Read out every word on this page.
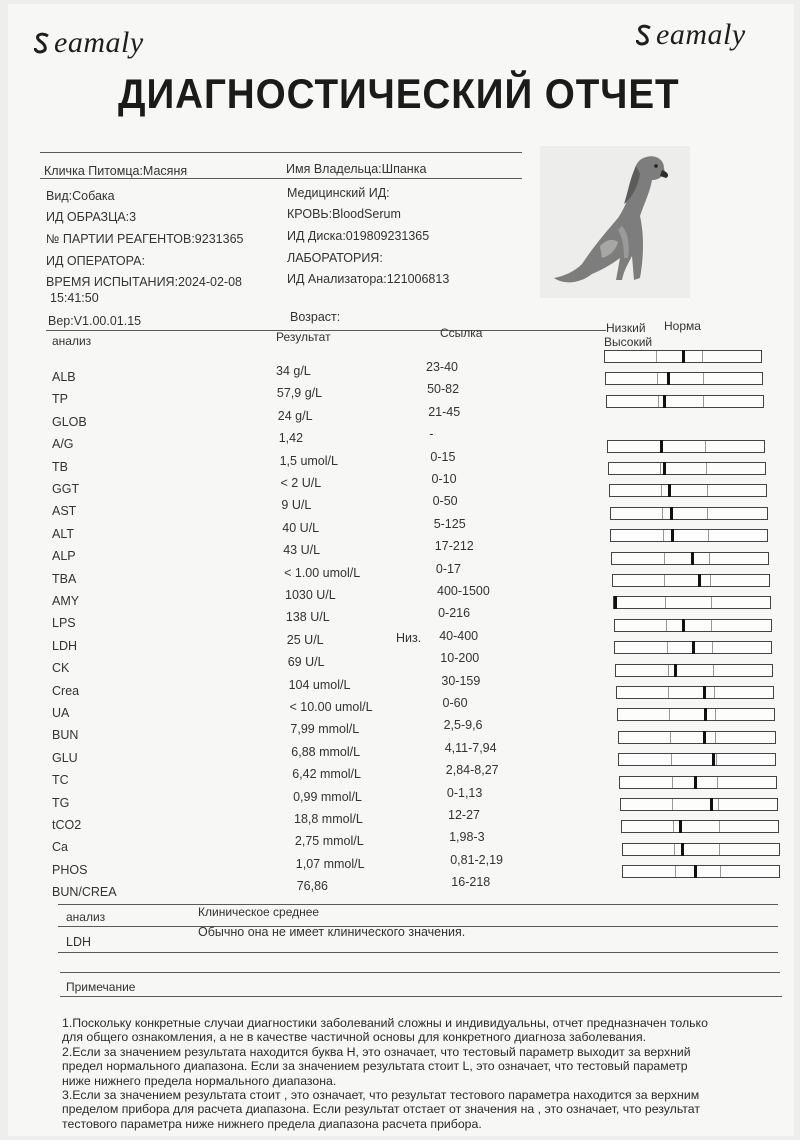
eamaly	eamaly
ДИАГНОСТИЧЕСКИЙ ОТЧЕТ
Кличка Питомца:Масяня	Имя Владельца:Шпанка
Вид:Собака	Медицинский ИД:
ИД ОБРАЗЦА:3	КРОВЬ:BloodSerum
№ ПАРТИИ РЕАГЕНТОВ:9231365	ИД Диска:019809231365
ИД ОПЕРАТОРА:	ЛАБОРАТОРИЯ:
ВРЕМЯ ИСПЫТАНИЯ:2024-02-08
15:41:50
ИД Анализатора:121006813
Вер:V1.00.01.15	Возраст:
анализ	Результат	Ссылка	Низкий Норма
Высокий
ALB	34 g/L	23-40
TP	57,9 g/L	50-82
GLOB	24 g/L	21-45
A/G	1,42	-
TB	1,5 umol/L	0-15
GGT	< 2 U/L	0-10
AST	9 U/L	0-50
ALT	40 U/L	5-125
ALP	43 U/L	17-212
TBA	< 1.00 umol/L	0-17
AMY	1030 U/L	400-1500
LPS	138 U/L	0-216
LDH	25 U/L	Низ. 40-400
CK	69 U/L	10-200
Crea	104 umol/L	30-159
UA	< 10.00 umol/L	0-60
BUN	7,99 mmol/L	2,5-9,6
GLU	6,88 mmol/L	4,11-7,94
TC	6,42 mmol/L	2,84-8,27
TG	0,99 mmol/L	0-1,13
tCO2	18,8 mmol/L	12-27
Ca	2,75 mmol/L	1,98-3
PHOS	1,07 mmol/L	0,81-2,19
BUN/CREA	76,86	16-218
анализ	Клиническое среднее
LDH
Обычно она не имеет клинического значения.
Примечание
1.Поскольку конкретные случаи диагностики заболеваний сложны и индивидуальны, отчет предназначен только
для общего ознакомления, а не в качестве частичной основы для конкретного диагноза заболевания.
2.Если за значением результата находится буква H, это означает, что тестовый параметр выходит за верхний
предел нормального диапазона. Если за значением результата стоит L, это означает, что тестовый параметр
ниже нижнего предела нормального диапазона.
3.Если за значением результата стоит , это означает, что результат тестового параметра находится за верхним
пределом прибора для расчета диапазона. Если результат отстает от значения на , это означает, что результат
тестового параметра ниже нижнего предела диапазона расчета прибора.
